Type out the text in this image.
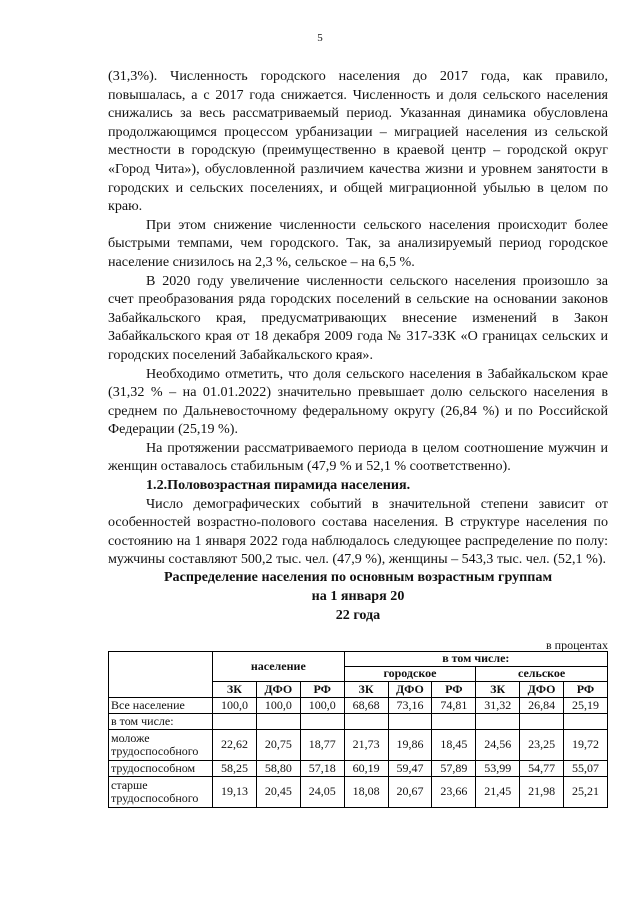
5

(31,3%). Численность городского населения до 2017 года, как правило, повышалась, а с 2017 года снижается. Численность и доля сельского населения снижались за весь рассматриваемый период. Указанная динамика обусловлена продолжающимся процессом урбанизации – миграцией населения из сельской местности в городскую (преимущественно в краевой центр – городской округ «Город Чита»), обусловленной различием качества жизни и уровнем занятости в городских и сельских поселениях, и общей миграционной убылью в целом по краю.

При этом снижение численности сельского населения происходит более быстрыми темпами, чем городского. Так, за анализируемый период городское население снизилось на 2,3 %, сельское – на 6,5 %.

В 2020 году увеличение численности сельского населения произошло за счет преобразования ряда городских поселений в сельские на основании законов Забайкальского края, предусматривающих внесение изменений в Закон Забайкальского края от 18 декабря 2009 года № 317-ЗЗК «О границах сельских и городских поселений Забайкальского края».

Необходимо отметить, что доля сельского населения в Забайкальском крае (31,32 % – на 01.01.2022) значительно превышает долю сельского населения в среднем по Дальневосточному федеральному округу (26,84 %) и по Российской Федерации (25,19 %).

На протяжении рассматриваемого периода в целом соотношение мужчин и женщин оставалось стабильным (47,9 % и 52,1 % соответственно).

1.2.Половозрастная пирамида населения.

Число демографических событий в значительной степени зависит от особенностей возрастно-полового состава населения. В структуре населения по состоянию на 1 января 2022 года наблюдалось следующее распределение по полу: мужчины составляют 500,2 тыс. чел. (47,9 %), женщины – 543,3 тыс. чел. (52,1 %).

Распределение населения по основным возрастным группам
на 1 января 20
22 года
в процентах
	население			в том числе:					
				городское			сельское		
	ЗК	ДФО	РФ	ЗК	ДФО	РФ	ЗК	ДФО	РФ
Все население	100,0	100,0	100,0	68,68	73,16	74,81	31,32	26,84	25,19
в том числе:									
моложе трудоспособного	22,62	20,75	18,77	21,73	19,86	18,45	24,56	23,25	19,72
трудоспособном	58,25	58,80	57,18	60,19	59,47	57,89	53,99	54,77	55,07
старше трудоспособного	19,13	20,45	24,05	18,08	20,67	23,66	21,45	21,98	25,21
